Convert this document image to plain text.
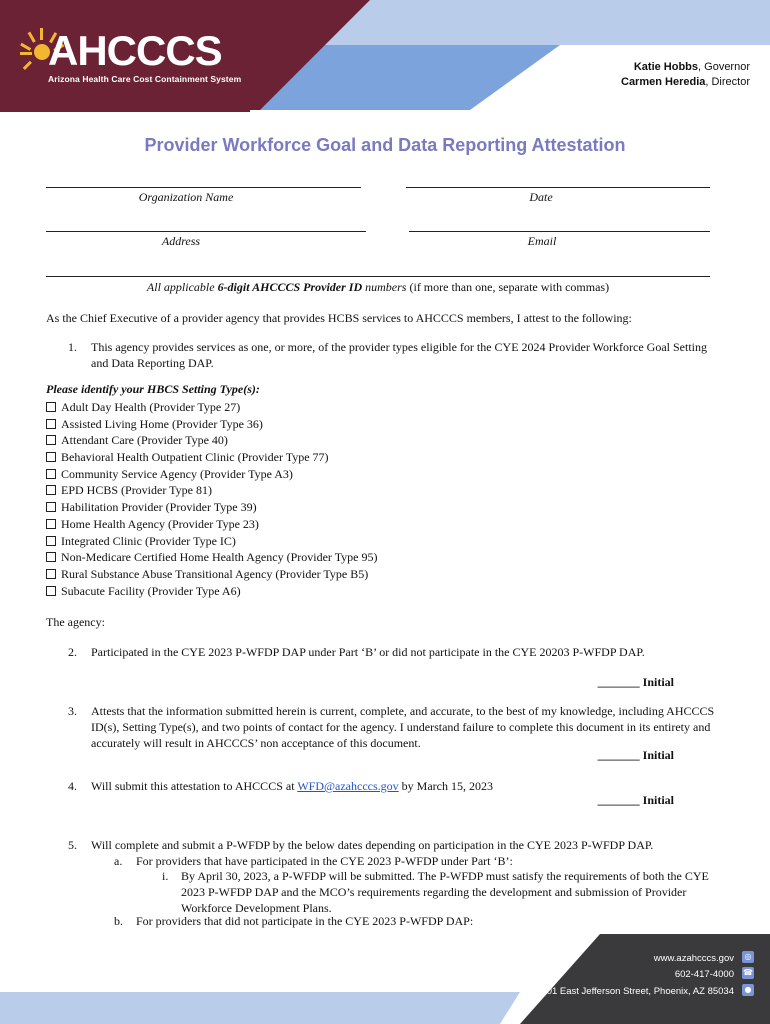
AHCCCS
Arizona Health Care Cost Containment System
Katie Hobbs, Governor
Carmen Heredia, Director
Provider Workforce Goal and Data Reporting Attestation
Organization Name	Date
Address	Email
All applicable 6-digit AHCCCS Provider ID numbers (if more than one, separate with commas)
As the Chief Executive of a provider agency that provides HCBS services to AHCCCS members, I attest to the following:
1. This agency provides services as one, or more, of the provider types eligible for the CYE 2024 Provider Workforce Goal Setting and Data Reporting DAP.
Please identify your HBCS Setting Type(s):
Adult Day Health (Provider Type 27)
Assisted Living Home (Provider Type 36)
Attendant Care (Provider Type 40)
Behavioral Health Outpatient Clinic (Provider Type 77)
Community Service Agency (Provider Type A3)
EPD HCBS (Provider Type 81)
Habilitation Provider (Provider Type 39)
Home Health Agency (Provider Type 23)
Integrated Clinic (Provider Type IC)
Non-Medicare Certified Home Health Agency (Provider Type 95)
Rural Substance Abuse Transitional Agency (Provider Type B5)
Subacute Facility (Provider Type A6)
The agency:
2. Participated in the CYE 2023 P-WFDP DAP under Part ‘B’ or did not participate in the CYE 20203 P-WFDP DAP.
_______ Initial
3. Attests that the information submitted herein is current, complete, and accurate, to the best of my knowledge, including AHCCCS ID(s), Setting Type(s), and two points of contact for the agency. I understand failure to complete this document in its entirety and accurately will result in AHCCCS’ non acceptance of this document.
_______ Initial
4. Will submit this attestation to AHCCCS at WFD@azahcccs.gov by March 15, 2023
_______ Initial
5. Will complete and submit a P-WFDP by the below dates depending on participation in the CYE 2023 P-WFDP DAP.
a. For providers that have participated in the CYE 2023 P-WFDP under Part ‘B’:
i. By April 30, 2023, a P-WFDP will be submitted. The P-WFDP must satisfy the requirements of both the CYE 2023 P-WFDP DAP and the MCO’s requirements regarding the development and submission of Provider Workforce Development Plans.
b. For providers that did not participate in the CYE 2023 P-WFDP DAP:
www.azahcccs.gov	◎
602-417-4000 ☎
801 East Jefferson Street, Phoenix, AZ 85034	●
